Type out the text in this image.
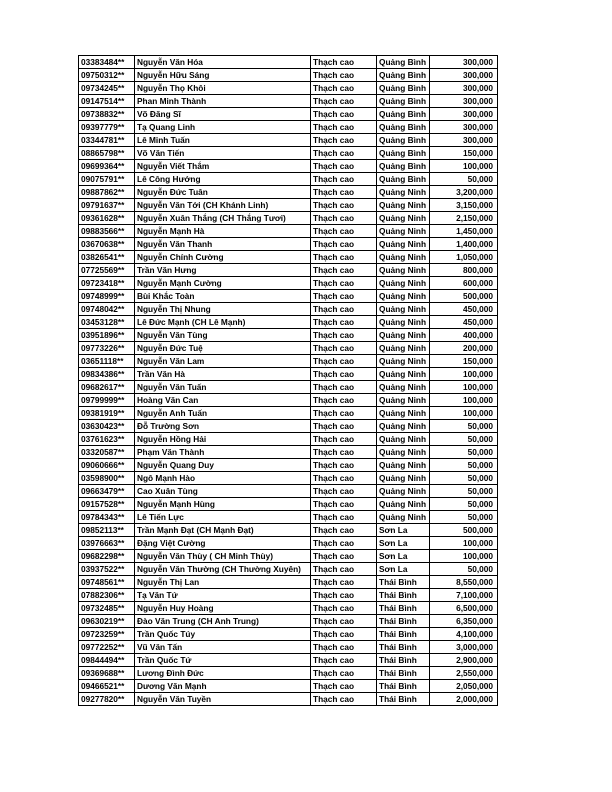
03383484**	Nguyễn Văn Hóa	Thạch cao	Quảng Bình	300,000
09750312**	Nguyễn Hữu Sáng	Thạch cao	Quảng Bình	300,000
09734245**	Nguyễn Thọ Khôi	Thạch cao	Quảng Bình	300,000
09147514**	Phan Minh Thành	Thạch cao	Quảng Bình	300,000
09738832**	Võ Đăng Sĩ	Thạch cao	Quảng Bình	300,000
09397779**	Tạ Quang Linh	Thạch cao	Quảng Bình	300,000
03344781**	Lê Minh Tuấn	Thạch cao	Quảng Bình	300,000
08865798**	Võ Văn Tiến	Thạch cao	Quảng Bình	150,000
09699364**	Nguyễn Viết Thắm	Thạch cao	Quảng Bình	100,000
09075791**	Lê Công Hướng	Thạch cao	Quảng Bình	50,000
09887862**	Nguyễn Đức Tuân	Thạch cao	Quảng Ninh	3,200,000
09791637**	Nguyễn Văn Tới (CH Khánh Linh)	Thạch cao	Quảng Ninh	3,150,000
09361628**	Nguyễn Xuân Thắng (CH Thắng Tươi)	Thạch cao	Quảng Ninh	2,150,000
09883566**	Nguyễn Mạnh Hà	Thạch cao	Quảng Ninh	1,450,000
03670638**	Nguyễn Văn Thanh	Thạch cao	Quảng Ninh	1,400,000
03826541**	Nguyễn Chính Cường	Thạch cao	Quảng Ninh	1,050,000
07725569**	Trần Văn Hưng	Thạch cao	Quảng Ninh	800,000
09723418**	Nguyễn Mạnh Cường	Thạch cao	Quảng Ninh	600,000
09748999**	Bùi Khắc Toàn	Thạch cao	Quảng Ninh	500,000
09748042**	Nguyễn Thị Nhung	Thạch cao	Quảng Ninh	450,000
03453128**	Lê Đức Mạnh (CH Lê Mạnh)	Thạch cao	Quảng Ninh	450,000
03951896**	Nguyễn Văn Tùng	Thạch cao	Quảng Ninh	400,000
09773226**	Nguyễn Đức Tuệ	Thạch cao	Quảng Ninh	200,000
03651118**	Nguyễn Văn Lam	Thạch cao	Quảng Ninh	150,000
09834386**	Trần Văn Hà	Thạch cao	Quảng Ninh	100,000
09682617**	Nguyễn Văn Tuấn	Thạch cao	Quảng Ninh	100,000
09799999**	Hoàng Văn Can	Thạch cao	Quảng Ninh	100,000
09381919**	Nguyễn Anh Tuấn	Thạch cao	Quảng Ninh	100,000
03630423**	Đỗ Trường Sơn	Thạch cao	Quảng Ninh	50,000
03761623**	Nguyễn Hồng Hải	Thạch cao	Quảng Ninh	50,000
03320587**	Phạm Văn Thành	Thạch cao	Quảng Ninh	50,000
09060666**	Nguyễn Quang Duy	Thạch cao	Quảng Ninh	50,000
03598900**	Ngô Mạnh Hào	Thạch cao	Quảng Ninh	50,000
09663479**	Cao Xuân Tùng	Thạch cao	Quảng Ninh	50,000
09157528**	Nguyễn Mạnh Hùng	Thạch cao	Quảng Ninh	50,000
09784343**	Lê Tiến Lực	Thạch cao	Quảng Ninh	50,000
09852113**	Trần Mạnh Đạt (CH Mạnh Đạt)	Thạch cao	Sơn La	500,000
03976663**	Đặng Việt Cường	Thạch cao	Sơn La	100,000
09682298**	Nguyễn Văn Thùy ( CH Minh Thùy)	Thạch cao	Sơn La	100,000
03937522**	Nguyễn Văn Thường (CH Thường Xuyên)	Thạch cao	Sơn La	50,000
09748561**	Nguyễn Thị Lan	Thạch cao	Thái Bình	8,550,000
07882306**	Tạ Văn Tứ	Thạch cao	Thái Bình	7,100,000
09732485**	Nguyễn Huy Hoàng	Thạch cao	Thái Bình	6,500,000
09630219**	Đào Văn Trung (CH Anh Trung)	Thạch cao	Thái Bình	6,350,000
09723259**	Trần Quốc Túy	Thạch cao	Thái Bình	4,100,000
09772252**	Vũ Văn Tấn	Thạch cao	Thái Bình	3,000,000
09844494**	Trần Quốc Tứ	Thạch cao	Thái Bình	2,900,000
09369688**	Lương Đình Đức	Thạch cao	Thái Bình	2,550,000
09466521**	Dương Văn Mạnh	Thạch cao	Thái Bình	2,050,000
09277820**	Nguyễn Văn Tuyền	Thạch cao	Thái Bình	2,000,000
